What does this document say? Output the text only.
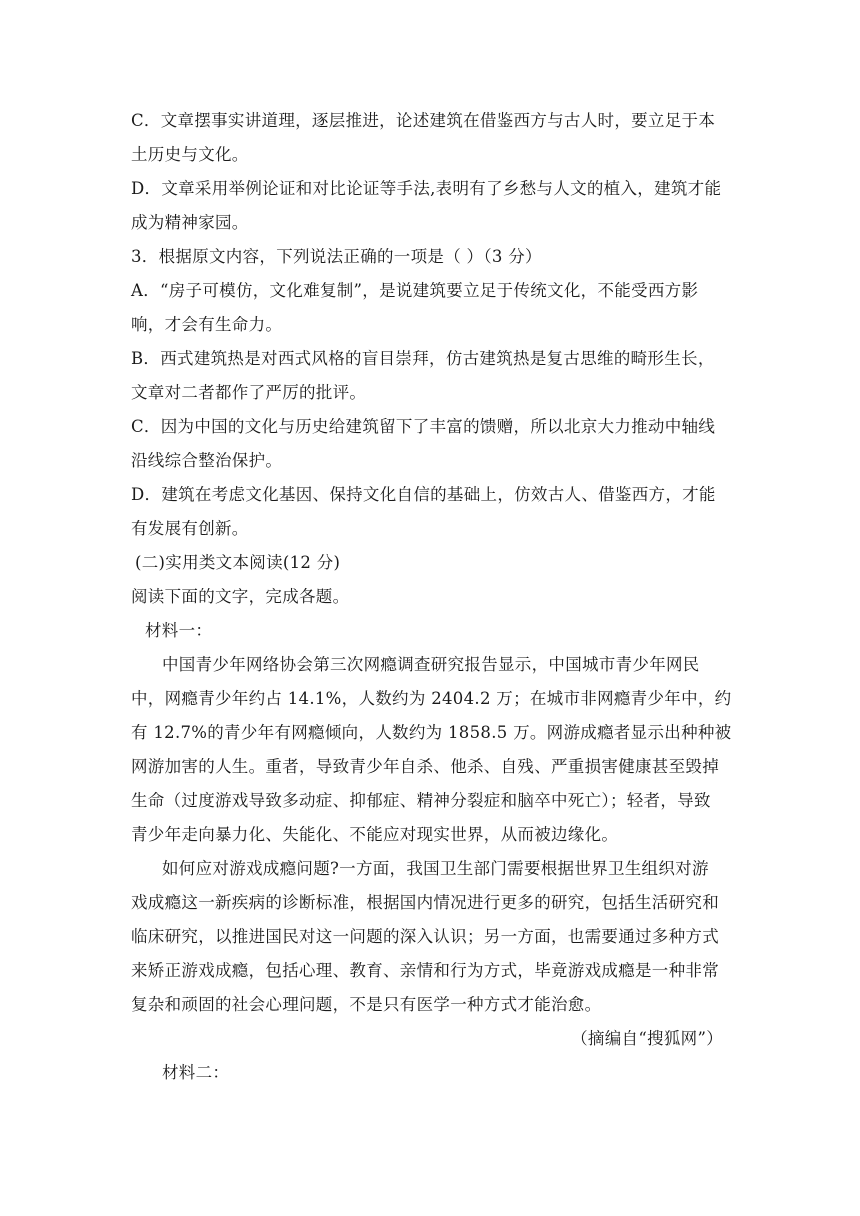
C．文章摆事实讲道理，逐层推进，论述建筑在借鉴西方与古人时，要立足于本
土历史与文化。
D．文章采用举例论证和对比论证等手法,表明有了乡愁与人文的植入，建筑才能
成为精神家园。
3．根据原文内容，下列说法正确的一项是（ ）（3 分）
A．“房子可模仿，文化难复制”，是说建筑要立足于传统文化，不能受西方影
响，才会有生命力。
B．西式建筑热是对西式风格的盲目崇拜，仿古建筑热是复古思维的畸形生长，
文章对二者都作了严厉的批评。
C．因为中国的文化与历史给建筑留下了丰富的馈赠，所以北京大力推动中轴线
沿线综合整治保护。
D．建筑在考虑文化基因、保持文化自信的基础上，仿效古人、借鉴西方，才能
有发展有创新。
(二)实用类文本阅读(12 分)
阅读下面的文字，完成各题。
材料一：
中国青少年网络协会第三次网瘾调查研究报告显示，中国城市青少年网民
中，网瘾青少年约占 14.1%，人数约为 2404.2 万；在城市非网瘾青少年中，约
有 12.7%的青少年有网瘾倾向，人数约为 1858.5 万。网游成瘾者显示出种种被
网游加害的人生。重者，导致青少年自杀、他杀、自残、严重损害健康甚至毁掉
生命（过度游戏导致多动症、抑郁症、精神分裂症和脑卒中死亡）；轻者，导致
青少年走向暴力化、失能化、不能应对现实世界，从而被边缘化。
如何应对游戏成瘾问题?一方面，我国卫生部门需要根据世界卫生组织对游
戏成瘾这一新疾病的诊断标准，根据国内情况进行更多的研究，包括生活研究和
临床研究，以推进国民对这一问题的深入认识；另一方面，也需要通过多种方式
来矫正游戏成瘾，包括心理、教育、亲情和行为方式，毕竟游戏成瘾是一种非常
复杂和顽固的社会心理问题，不是只有医学一种方式才能治愈。
（摘编自“搜狐网”）
材料二：
